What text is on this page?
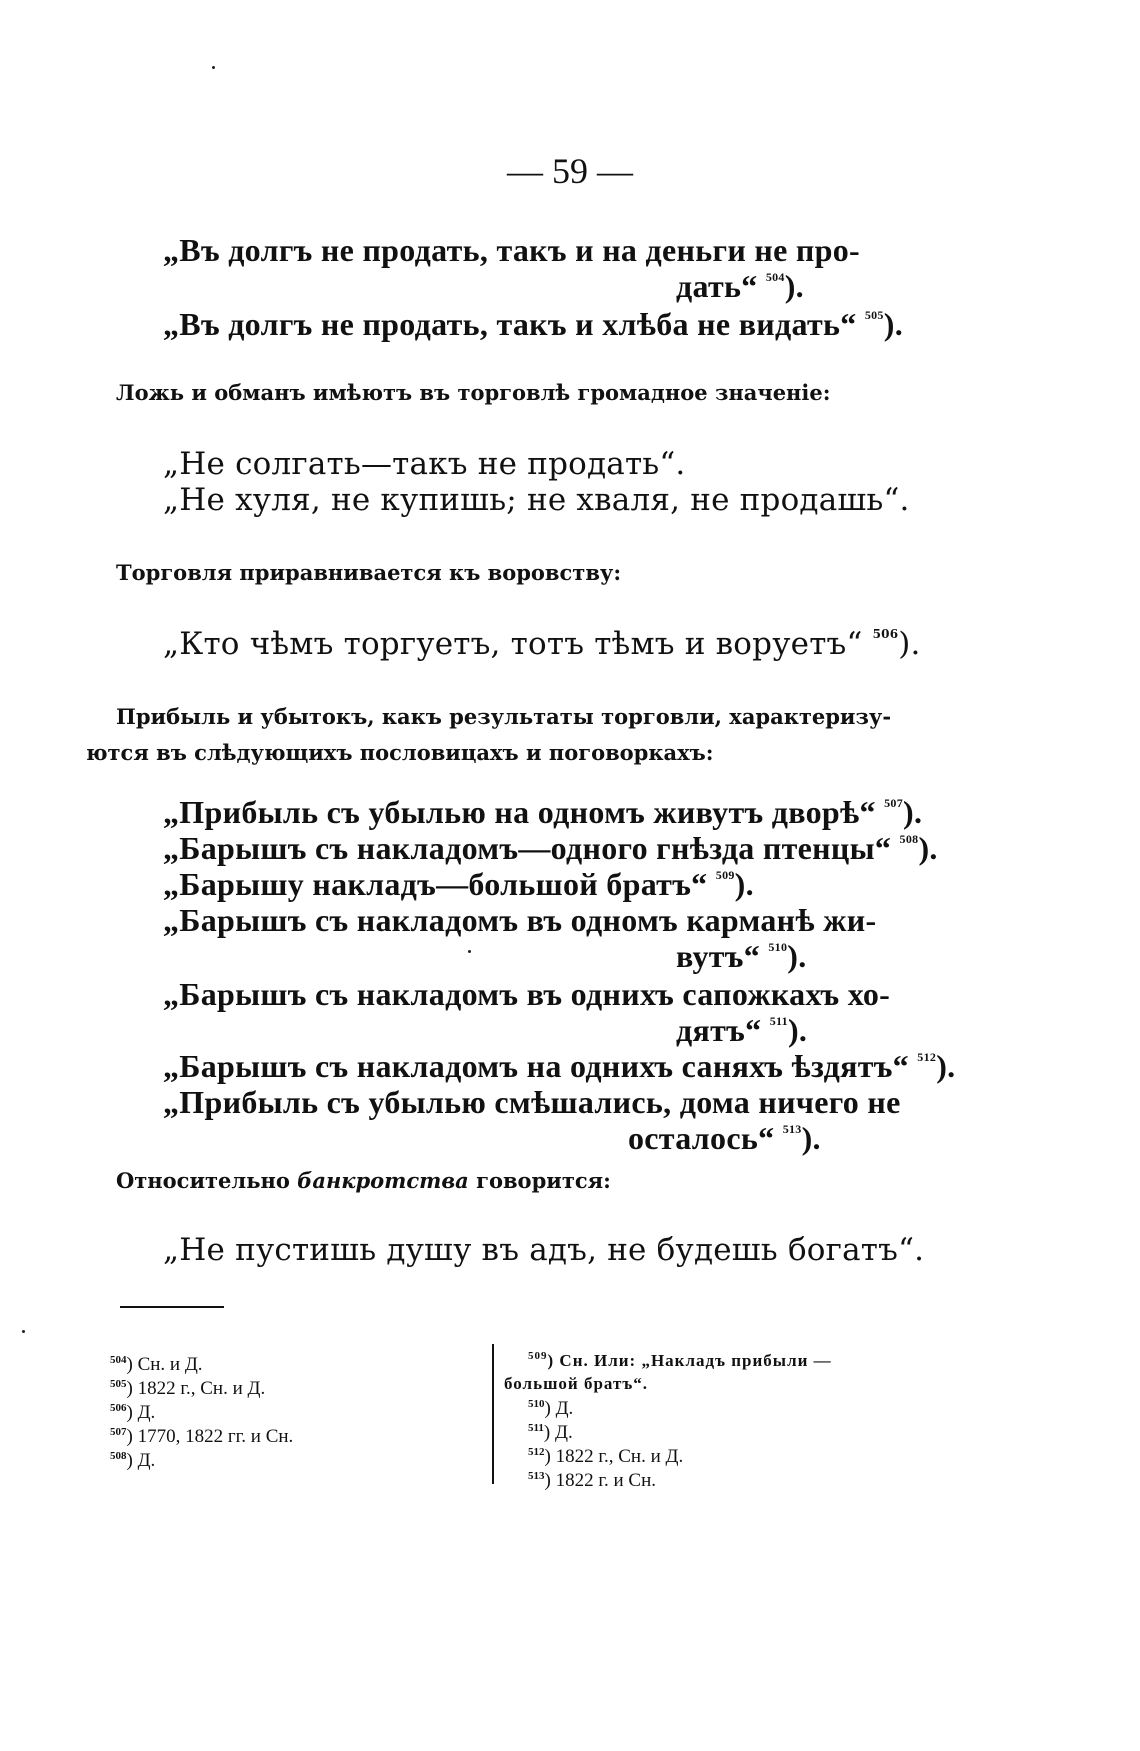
— 59 —
„Въ долгъ не продать, такъ и на деньги не про-
дать“ $^{504}$).
„Въ долгъ не продать, такъ и хлѣба не видать“ $^{505}$).
Ложь и обманъ имѣютъ въ торговлѣ громадное значеніе:
„Не солгать—такъ не продать“.
„Не хуля, не купишь; не хваля, не продашь“.
Торговля приравнивается къ воровству:
„Кто чѣмъ торгуетъ, тотъ тѣмъ и воруетъ“ $^{506}$).
Прибыль и убытокъ, какъ результаты торговли, характеризу-
ются въ слѣдующихъ пословицахъ и поговоркахъ:
„Прибыль съ убылью на одномъ живутъ дворѣ“ $^{507}$).
„Барышъ съ накладомъ—одного гнѣзда птенцы“ $^{508}$).
„Барышу накладъ—большой братъ“ $^{509}$).
„Барышъ съ накладомъ въ одномъ карманѣ жи-
вутъ“ $^{510}$).
„Барышъ съ накладомъ въ однихъ сапожкахъ хо-
дятъ“ $^{511}$).
„Барышъ съ накладомъ на однихъ саняхъ ѣздятъ“ $^{512}$).
„Прибыль съ убылью смѣшались, дома ничего не
осталось“ $^{513}$).
Относительно банкротства говорится:
„Не пустишь душу въ адъ, не будешь богатъ“.
$^{504}$) Сн. и Д.
$^{505}$) 1822 г., Сн. и Д.
$^{506}$) Д.
$^{507}$) 1770, 1822 гг. и Сн.
$^{508}$) Д.
$^{509}$) Сн. Или: „Накладъ прибыли —
большой братъ“.
$^{510}$) Д.
$^{511}$) Д.
$^{512}$) 1822 г., Сн. и Д.
$^{513}$) 1822 г. и Сн.
